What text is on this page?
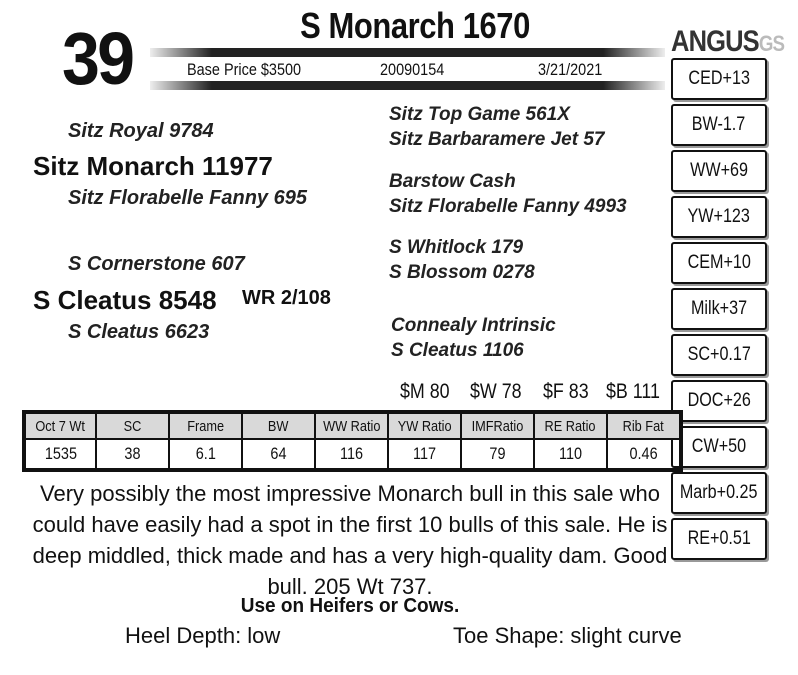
39	S Monarch 1670
Base Price $3500	20090154	3/21/2021
ANGUSGS
CED+13
BW-1.7
WW+69
YW+123
CEM+10
Milk+37
SC+0.17
DOC+26
CW+50
Marb+0.25
RE+0.51
Sitz Royal 9784
Sitz Monarch 11977
Sitz Florabelle Fanny 695
S Cornerstone 607
S Cleatus 8548 WR 2/108
S Cleatus 6623
Sitz Top Game 561X
Sitz Barbaramere Jet 57
Barstow Cash
Sitz Florabelle Fanny 4993
S Whitlock 179
S Blossom 0278
Connealy Intrinsic
S Cleatus 1106
$M 80 $W 78 $F 83 $B 111
Oct 7 Wt	SC	Frame	BW	WW Ratio	YW Ratio	IMFRatio	RE Ratio	Rib Fat
1535	38	6.1	64	116	117	79	110	0.46
Very possibly the most impressive Monarch bull in this sale who could have easily had a spot in the first 10 bulls of this sale. He is deep middled, thick made and has a very high-quality dam. Good bull. 205 Wt 737.
Use on Heifers or Cows.
Heel Depth: low	Toe Shape: slight curve
